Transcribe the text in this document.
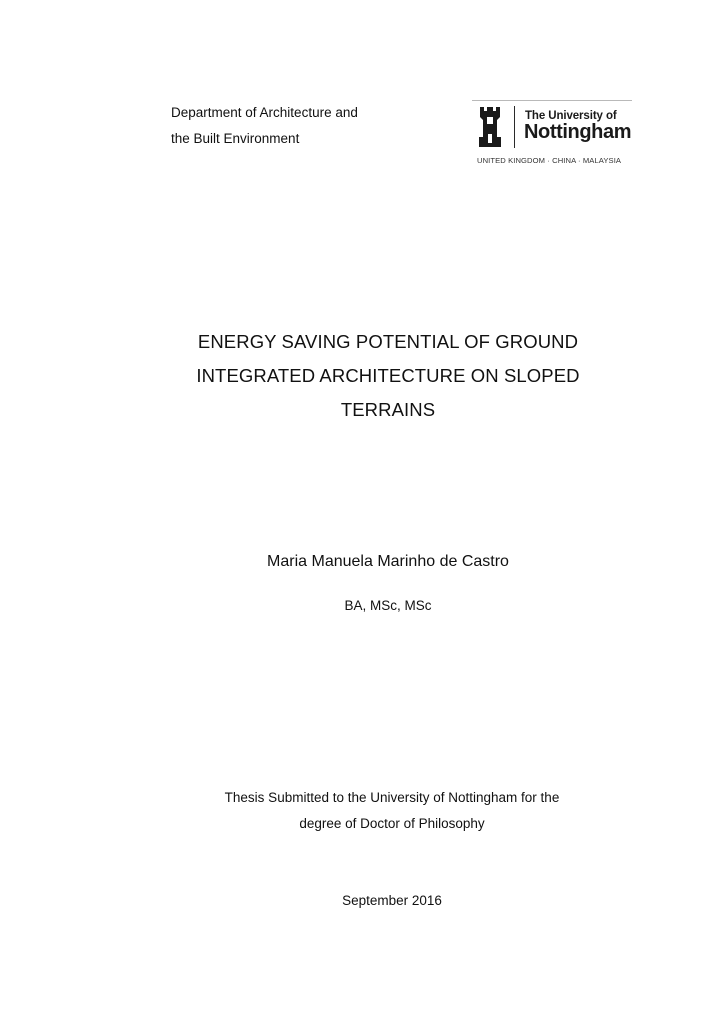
Department of Architecture and
the Built Environment
The University of
Nottingham
UNITED KINGDOM · CHINA · MALAYSIA
ENERGY SAVING POTENTIAL OF GROUND
INTEGRATED ARCHITECTURE ON SLOPED
TERRAINS
Maria Manuela Marinho de Castro
BA, MSc, MSc
Thesis Submitted to the University of Nottingham for the
degree of Doctor of Philosophy
September 2016
